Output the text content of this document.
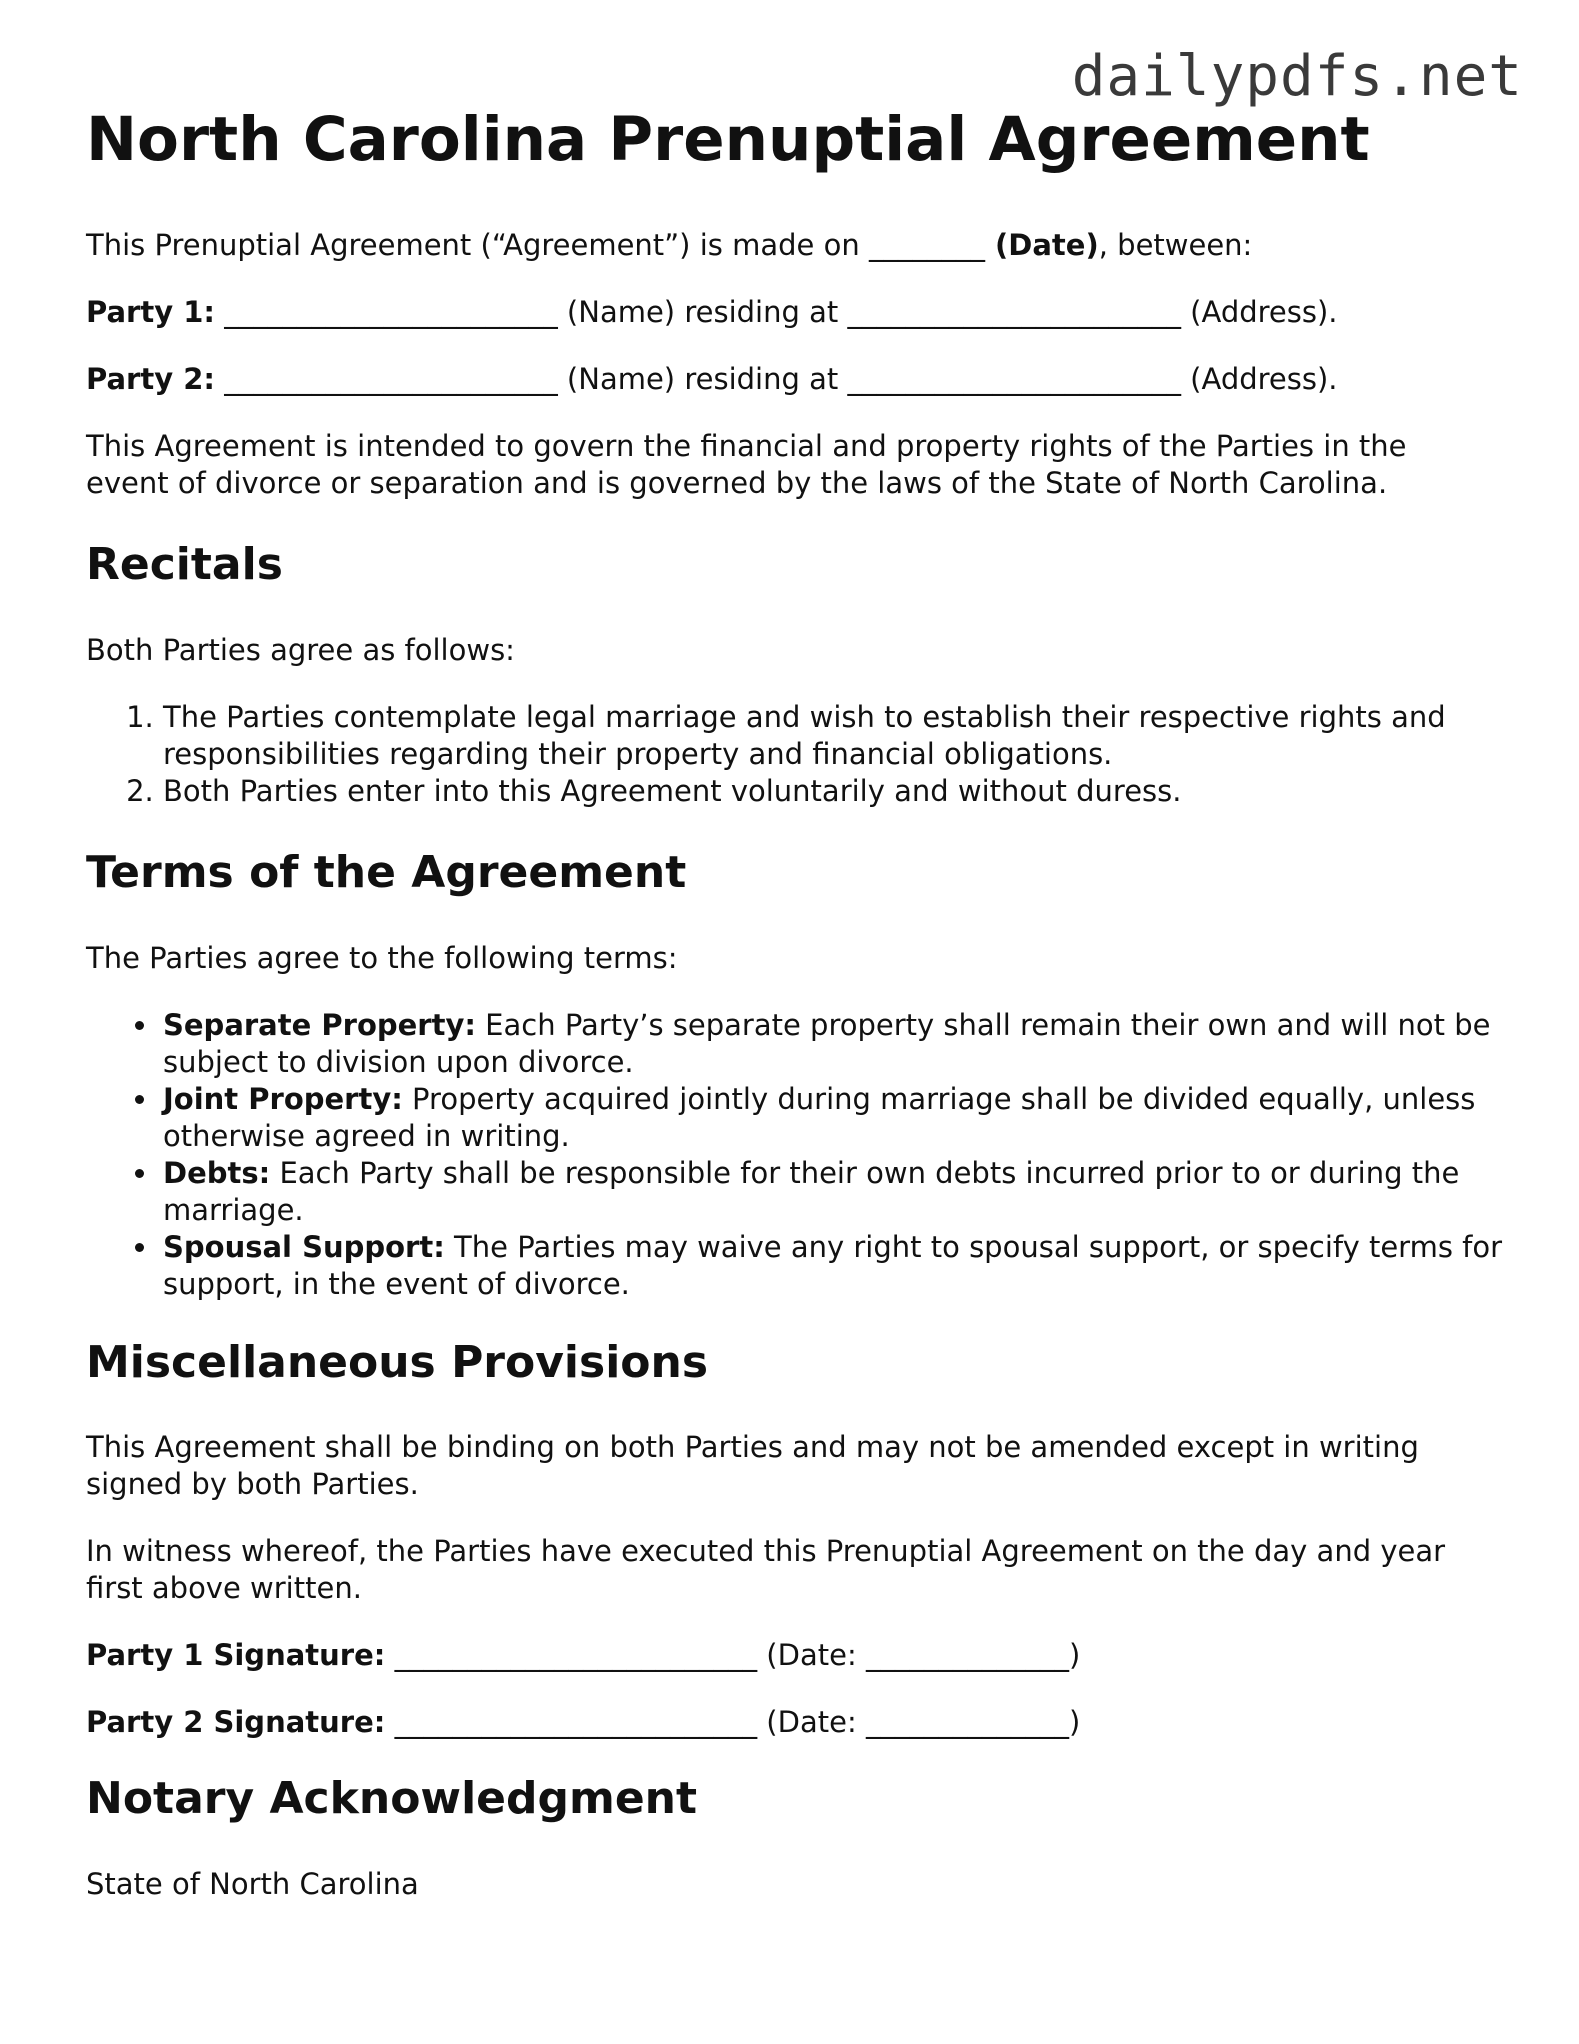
dailypdfs.net
North Carolina Prenuptial Agreement

This Prenuptial Agreement (“Agreement”) is made on ________ (Date), between:

Party 1: _______________________ (Name) residing at _______________________ (Address).

Party 2: _______________________ (Name) residing at _______________________ (Address).

This Agreement is intended to govern the financial and property rights of the Parties in the event of divorce or separation and is governed by the laws of the State of North Carolina.

Recitals

Both Parties agree as follows:

1. The Parties contemplate legal marriage and wish to establish their respective rights and responsibilities regarding their property and financial obligations.
2. Both Parties enter into this Agreement voluntarily and without duress.
Terms of the Agreement

The Parties agree to the following terms:

Separate Property: Each Party’s separate property shall remain their own and will not be subject to division upon divorce.
Joint Property: Property acquired jointly during marriage shall be divided equally, unless otherwise agreed in writing.
Debts: Each Party shall be responsible for their own debts incurred prior to or during the marriage.
Spousal Support: The Parties may waive any right to spousal support, or specify terms for support, in the event of divorce.
Miscellaneous Provisions

This Agreement shall be binding on both Parties and may not be amended except in writing signed by both Parties.

In witness whereof, the Parties have executed this Prenuptial Agreement on the day and year first above written.

Party 1 Signature: _________________________ (Date: ______________)

Party 2 Signature: _________________________ (Date: ______________)

Notary Acknowledgment

State of North Carolina
